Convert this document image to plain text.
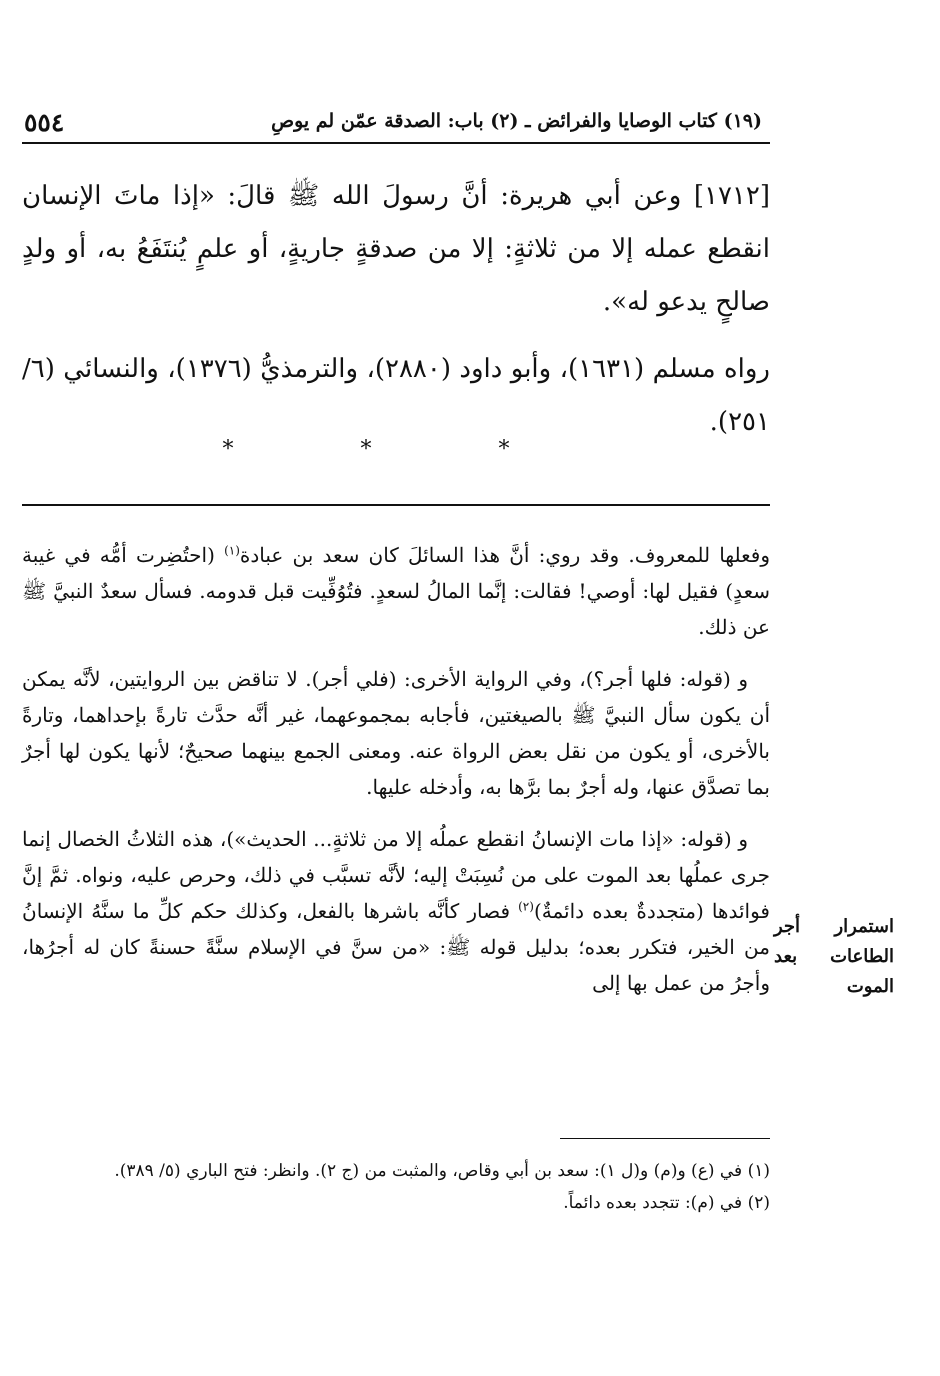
٥٥٤	(١٩) كتاب الوصايا والفرائض ـ (٢) باب: الصدقة عمّن لم يوصِ

[١٧١٢] وعن أبي هريرة: أنَّ رسولَ الله ﷺ قالَ: «إذا ماتَ الإنسان انقطع عمله إلا من ثلاثةٍ: إلا من صدقةٍ جاريةٍ، أو علمٍ يُنتَفَعُ به، أو ولدٍ صالحٍ يدعو له».

رواه مسلم (١٦٣١)، وأبو داود (٢٨٨٠)، والترمذيُّ (١٣٧٦)، والنسائي (٦/ ٢٥١).

* * *

وفعلها للمعروف. وقد روي: أنَّ هذا السائلَ كان سعد بن عبادة$^{(١)}$ (احتُضِرت أمُّه في غيبة سعدٍ) فقيل لها: أوصي! فقالت: إنَّما المالُ لسعدٍ. فتُوُفِّيت قبل قدومه. فسأل سعدٌ النبيَّ ﷺ عن ذلك.

و (قوله: فلها أجر؟)، وفي الرواية الأخرى: (فلي أجر). لا تناقض بين الروايتين، لأنَّه يمكن أن يكون سأل النبيَّ ﷺ بالصيغتين، فأجابه بمجموعهما، غير أنَّه حدَّث تارةً بإحداهما، وتارةً بالأخرى، أو يكون من نقل بعض الرواة عنه. ومعنى الجمع بينهما صحيحٌ؛ لأنها يكون لها أجرٌ بما تصدَّق عنها، وله أجرٌ بما برَّها به، وأدخله عليها.

و (قوله: «إذا مات الإنسانُ انقطع عملُه إلا من ثلاثةٍ... الحديث»)، هذه الثلاثُ الخصال إنما جرى عملُها بعد الموت على من نُسِبَتْ إليه؛ لأنَّه تسبَّب في ذلك، وحرص عليه، ونواه. ثمَّ إنَّ فوائدها (متجددةٌ بعده دائمةٌ)$^{(٢)}$ فصار كأنَّه باشرها بالفعل، وكذلك حكم كلِّ ما سنَّهُ الإنسانُ من الخير، فتكرر بعده؛ بدليل قوله ﷺ: «من سنَّ في الإسلام سنَّةً حسنةً كان له أجرُها، وأجرُ من عمل بها إلى

استمرار أجر الطاعات بعد الموت

(١) في (ع) و(م) و(ل ١): سعد بن أبي وقاص، والمثبت من (ج ٢). وانظر: فتح الباري (٥/ ٣٨٩).

(٢) في (م): تتجدد بعده دائماً.
